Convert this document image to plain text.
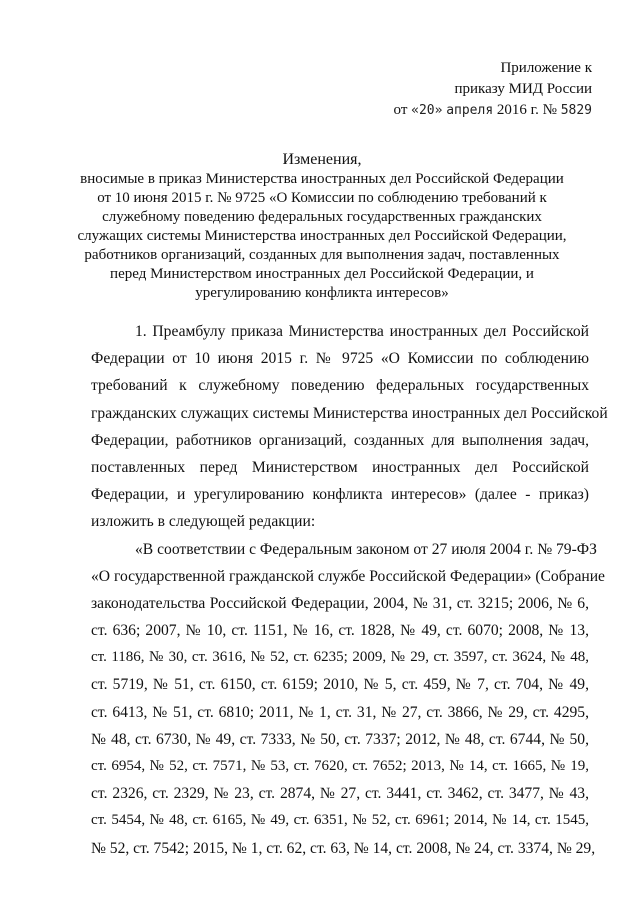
Приложение к
приказу МИД России
от «20» апреля 2016 г. № 5829
Изменения,
вносимые в приказ Министерства иностранных дел Российской Федерации
от 10 июня 2015 г. № 9725 «О Комиссии по соблюдению требований к
служебному поведению федеральных государственных гражданских
служащих системы Министерства иностранных дел Российской Федерации,
работников организаций, созданных для выполнения задач, поставленных
перед Министерством иностранных дел Российской Федерации, и
урегулированию конфликта интересов»
1. Преамбулу приказа Министерства иностранных дел Российской
Федерации от 10 июня 2015 г. № 9725 «О Комиссии по соблюдению
требований к служебному поведению федеральных государственных
гражданских служащих системы Министерства иностранных дел Российской
Федерации, работников организаций, созданных для выполнения задач,
поставленных перед Министерством иностранных дел Российской
Федерации, и урегулированию конфликта интересов» (далее - приказ)
изложить в следующей редакции:
«В соответствии с Федеральным законом от 27 июля 2004 г. № 79-ФЗ
«О государственной гражданской службе Российской Федерации» (Собрание
законодательства Российской Федерации, 2004, № 31, ст. 3215; 2006, № 6,
ст. 636; 2007, № 10, ст. 1151, № 16, ст. 1828, № 49, ст. 6070; 2008, № 13,
ст. 1186, № 30, ст. 3616, № 52, ст. 6235; 2009, № 29, ст. 3597, ст. 3624, № 48,
ст. 5719, № 51, ст. 6150, ст. 6159; 2010, № 5, ст. 459, № 7, ст. 704, № 49,
ст. 6413, № 51, ст. 6810; 2011, № 1, ст. 31, № 27, ст. 3866, № 29, ст. 4295,
№ 48, ст. 6730, № 49, ст. 7333, № 50, ст. 7337; 2012, № 48, ст. 6744, № 50,
ст. 6954, № 52, ст. 7571, № 53, ст. 7620, ст. 7652; 2013, № 14, ст. 1665, № 19,
ст. 2326, ст. 2329, № 23, ст. 2874, № 27, ст. 3441, ст. 3462, ст. 3477, № 43,
ст. 5454, № 48, ст. 6165, № 49, ст. 6351, № 52, ст. 6961; 2014, № 14, ст. 1545,
№ 52, ст. 7542; 2015, № 1, ст. 62, ст. 63, № 14, ст. 2008, № 24, ст. 3374, № 29,
